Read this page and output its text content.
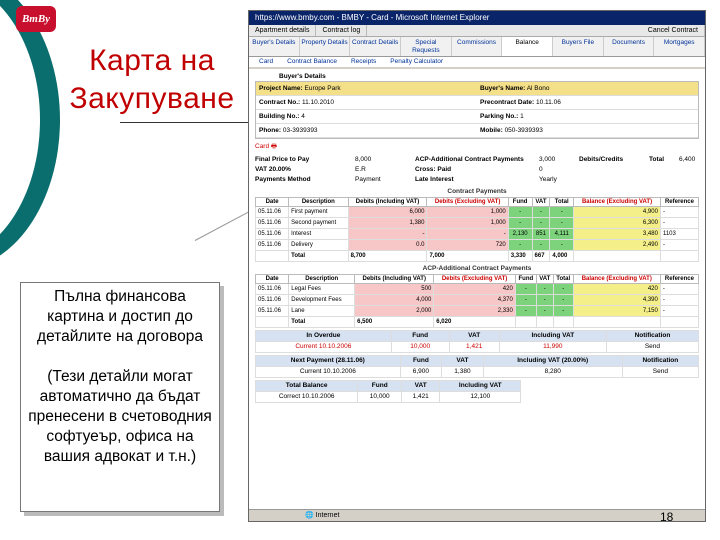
BmBy
Карта на
Закупуване

Пълна финансова картина и достип до детайлите на договора

(Тези детайли могат автоматично да бъдат пренесени в счетоводния софтуеър, офиса на вашия адвокат и т.н.)

https://www.bmby.com - BMBY - Card - Microsoft Internet Explorer
Apartment details	Contract log	Cancel Contract
Buyer's Details Property Details Contract Details	Special Requests
Commissions	Balance	Buyers File	Documents	Mortgages
Card Contract Balance Receipts Penalty Calculator
Buyer's Details
Project Name: Europe Park	Buyer's Name: Al Bono
Contract No.: 11.10.2010	Precontract Date: 10.11.06
Building No.: 4	Parking No.: 1
Phone: 03-3939393	Mobile: 050-3939393
Card 🖶
Final Price to Pay	8,000	ACP-Additional Contract Payments	3,000	Debits/Credits	Total	6,400
VAT 20.00%	E.R	Cross: Paid	0
Payments Method	Payment	Late Interest	Yearly
Contract Payments
Date	Description	Debits (Including VAT)	Debits (Excluding VAT)	Fund	VAT	Total	Balance (Excluding VAT)	Reference
05.11.06	First payment	6,000	1,000	-	-	-	4,900	-
05.11.06	Second payment	1,380	1,000	-	-	-	6,300	-
05.11.06	Interest	-	-	2,130	851	4,111	3,480	1103
05.11.06	Delivery	0.0	720	-	-	-	2,490	-
	Total	8,700	7,000	3,330	667	4,000		
ACP-Additional Contract Payments
Date	Description	Debits (Including VAT)	Debits (Excluding VAT)	Fund	VAT	Total	Balance (Excluding VAT)	Reference
05.11.06	Legal Fees	500	420	-	-	-	420	-
05.11.06	Development Fees	4,000	4,370	-	-	-	4,390	-
05.11.06	Lane	2,000	2,330	-	-	-	7,150	-
	Total	6,500	6,020					
In Overdue	Fund	VAT	Including VAT	Notification
Current 10.10.2006	10,000	1,421	11,990	Send
Next Payment (28.11.06)	Fund	VAT	Including VAT (20.00%)	Notification
Current 10.10.2006	6,900	1,380	8,280	Send
Total Balance	Fund	VAT	Including VAT
Correct 10.10.2006	10,000	1,421	12,100
🌐 Internet	18
